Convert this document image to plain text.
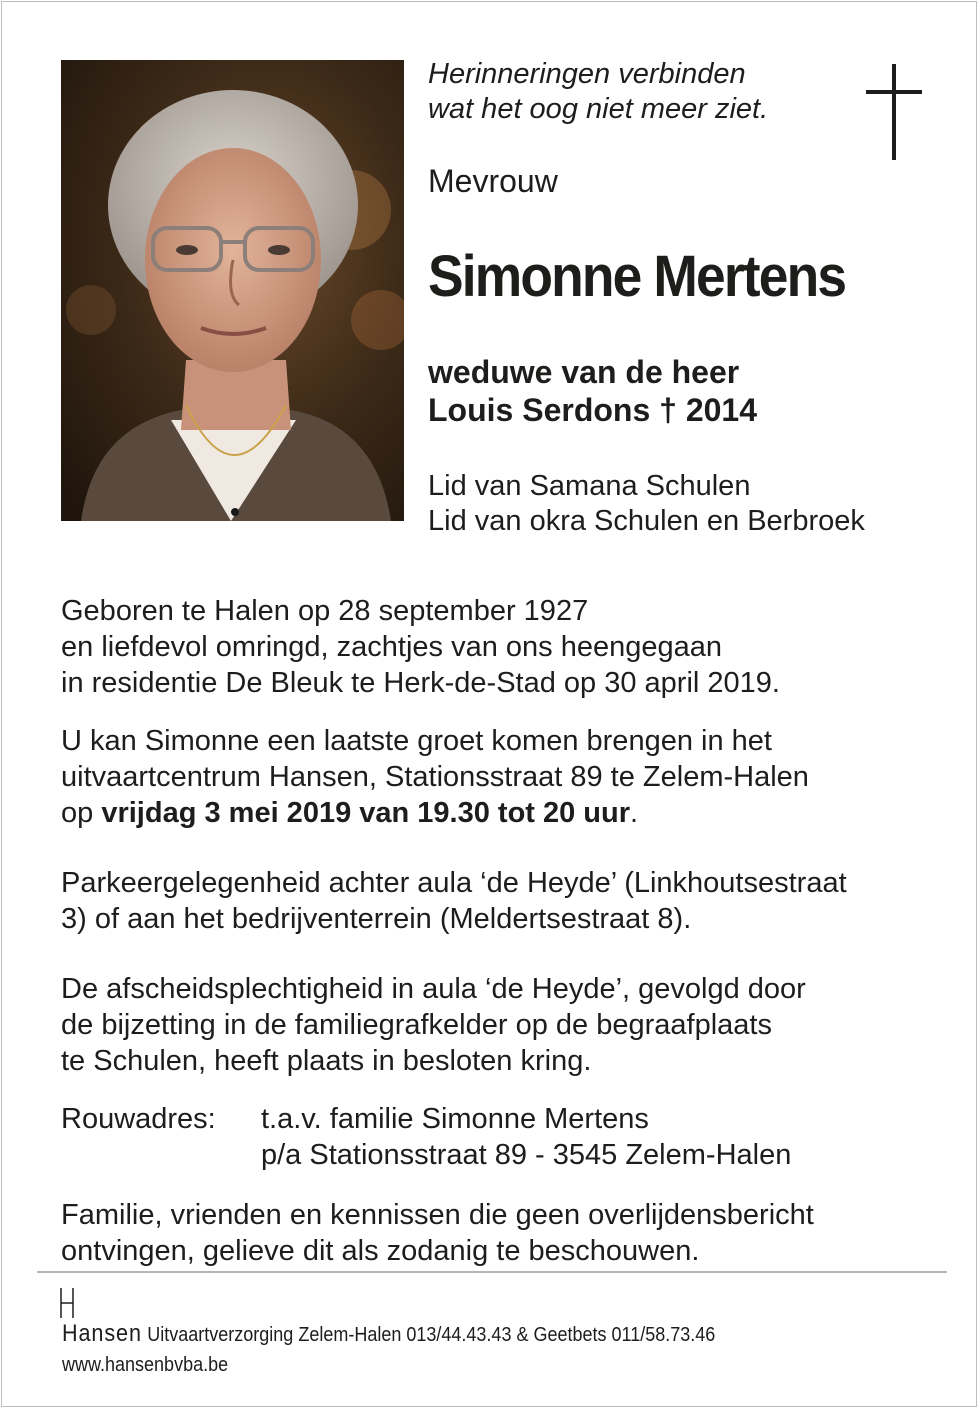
Herinneringen verbinden
wat het oog niet meer ziet.
Mevrouw
Simonne Mertens
weduwe van de heer
Louis Serdons † 2014
Lid van Samana Schulen
Lid van okra Schulen en Berbroek
Geboren te Halen op 28 september 1927
en liefdevol omringd, zachtjes van ons heengegaan
in residentie De Bleuk te Herk-de-Stad op 30 april 2019.
U kan Simonne een laatste groet komen brengen in het
uitvaartcentrum Hansen, Stationsstraat 89 te Zelem-Halen
op vrijdag 3 mei 2019 van 19.30 tot 20 uur.
Parkeergelegenheid achter aula ‘de Heyde’ (Linkhoutsestraat
3) of aan het bedrijventerrein (Meldertsestraat 8).
De afscheidsplechtigheid in aula ‘de Heyde’, gevolgd door
de bijzetting in de familiegrafkelder op de begraafplaats
te Schulen, heeft plaats in besloten kring.
Rouwadres: t.a.v. familie Simonne Mertens
p/a Stationsstraat 89 - 3545 Zelem-Halen
Familie, vrienden en kennissen die geen overlijdensbericht
ontvingen, gelieve dit als zodanig te beschouwen.
Hansen Uitvaartverzorging Zelem-Halen 013/44.43.43 & Geetbets 011/58.73.46
www.hansenbvba.be
